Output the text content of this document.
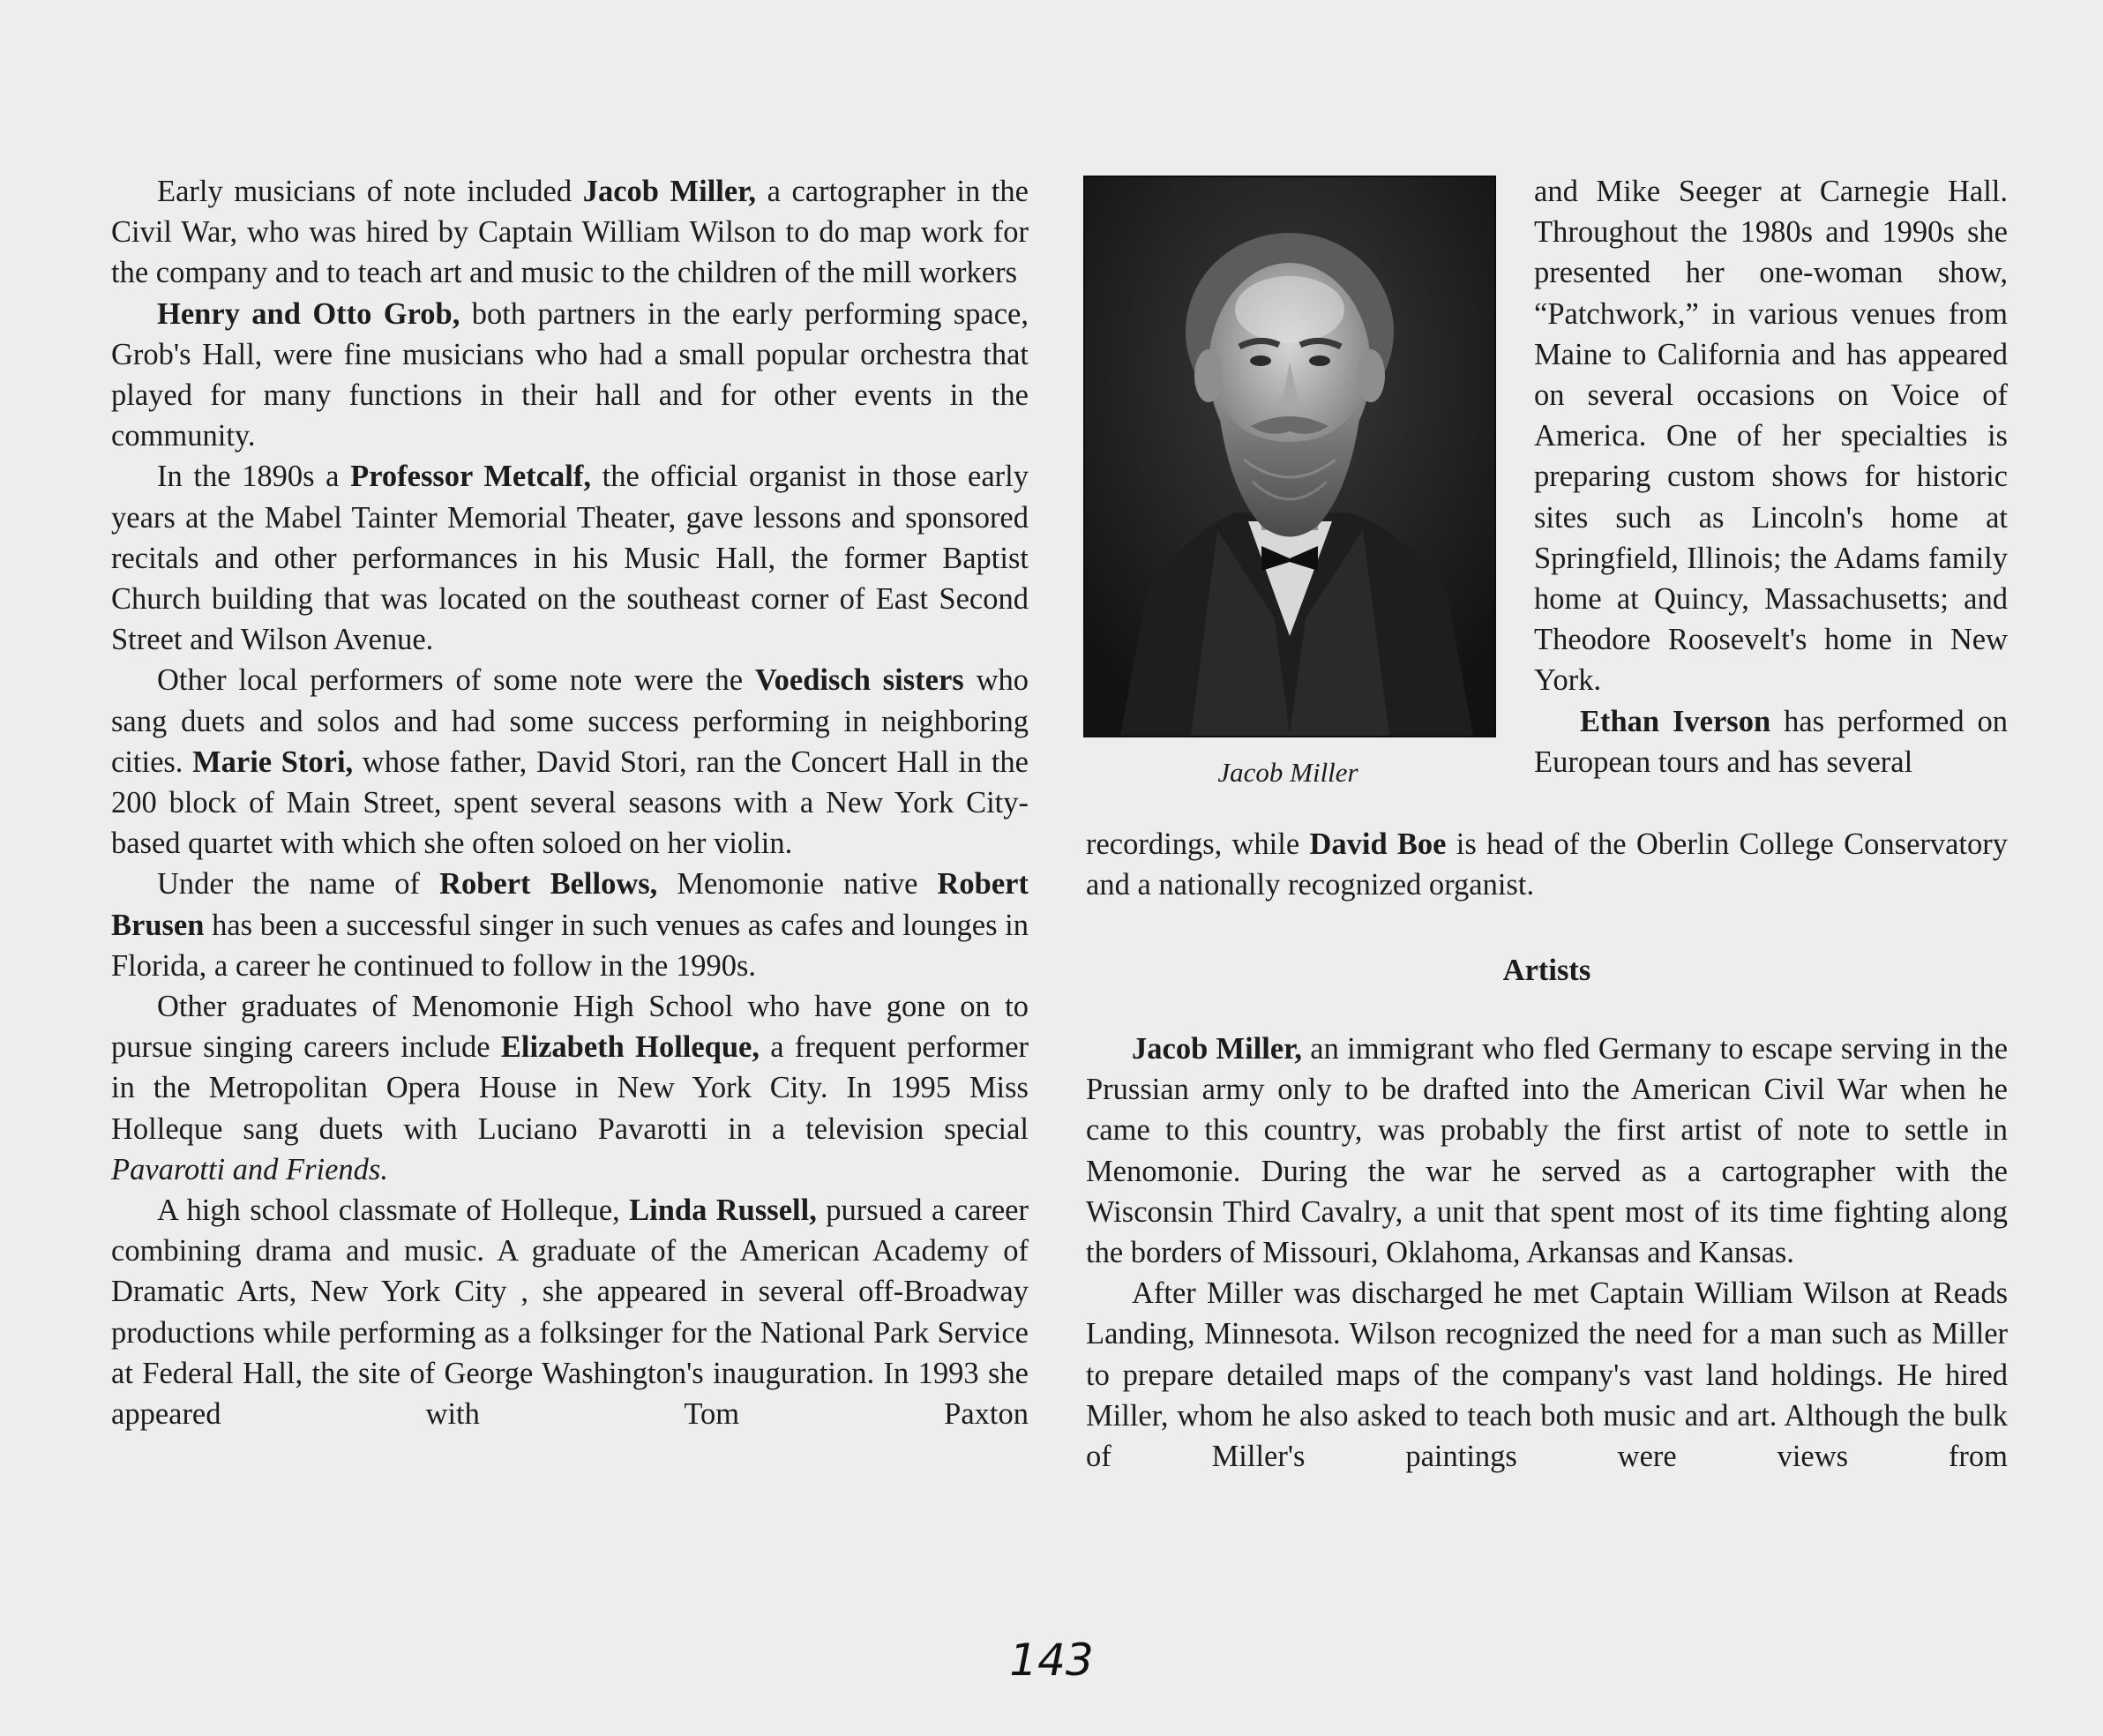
Early musicians of note included Jacob Miller, a cartographer in the Civil War, who was hired by Captain William Wilson to do map work for the company and to teach art and music to the children of the mill workers

Henry and Otto Grob, both partners in the early performing space, Grob's Hall, were fine musicians who had a small popular orchestra that played for many functions in their hall and for other events in the community.

In the 1890s a Professor Metcalf, the official organist in those early years at the Mabel Tainter Memorial Theater, gave lessons and sponsored recitals and other performances in his Music Hall, the former Baptist Church building that was located on the southeast corner of East Second Street and Wilson Avenue.

Other local performers of some note were the Voedisch sisters who sang duets and solos and had some success performing in neighboring cities. Marie Stori, whose father, David Stori, ran the Concert Hall in the 200 block of Main Street, spent several seasons with a New York City-based quartet with which she often soloed on her violin.

Under the name of Robert Bellows, Menomonie native Robert Brusen has been a successful singer in such venues as cafes and lounges in Florida, a career he continued to follow in the 1990s.

Other graduates of Menomonie High School who have gone on to pursue singing careers include Elizabeth Holleque, a frequent performer in the Metropolitan Opera House in New York City. In 1995 Miss Holleque sang duets with Luciano Pavarotti in a television special Pavarotti and Friends.

A high school classmate of Holleque, Linda Russell, pursued a career combining drama and music. A graduate of the American Academy of Dramatic Arts, New York City , she appeared in several off-Broadway productions while performing as a folksinger for the National Park Service at Federal Hall, the site of George Washington's inauguration. In 1993 she appeared with Tom Paxton

Jacob Miller

and Mike Seeger at Carnegie Hall. Throughout the 1980s and 1990s she presented her one-woman show, “Patchwork,” in various venues from Maine to California and has appeared on several occasions on Voice of America. One of her specialties is preparing custom shows for historic sites such as Lincoln's home at Springfield, Illinois; the Adams family home at Quincy, Massachusetts; and Theodore Roosevelt's home in New York.

Ethan Iverson has performed on European tours and has several

recordings, while David Boe is head of the Oberlin College Conservatory and a nationally recognized organist.

Artists

Jacob Miller, an immigrant who fled Germany to escape serving in the Prussian army only to be drafted into the American Civil War when he came to this country, was probably the first artist of note to settle in Menomonie. During the war he served as a cartographer with the Wisconsin Third Cavalry, a unit that spent most of its time fighting along the borders of Missouri, Oklahoma, Arkansas and Kansas.

After Miller was discharged he met Captain William Wilson at Reads Landing, Minnesota. Wilson recognized the need for a man such as Miller to prepare detailed maps of the company's vast land holdings. He hired Miller, whom he also asked to teach both music and art. Although the bulk of Miller's paintings were views from

143
